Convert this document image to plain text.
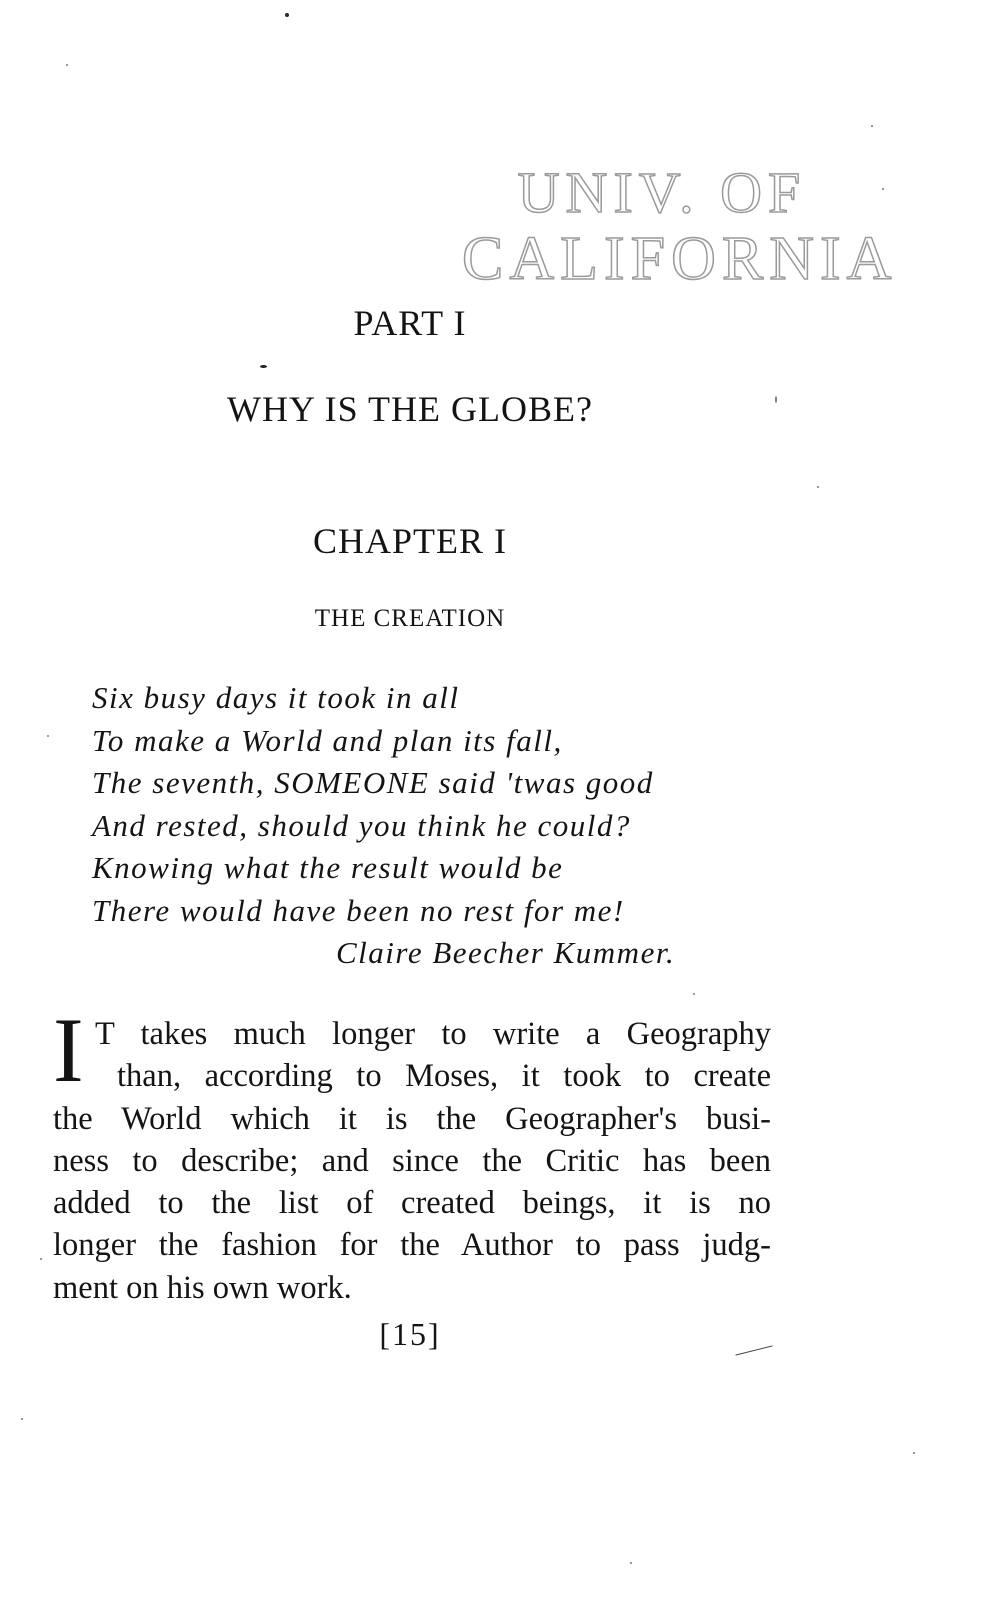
UNIV. OF
CALIFORNIA
PART I
WHY IS THE GLOBE?
CHAPTER I
THE CREATION
Six busy days it took in all
To make a World and plan its fall,
The seventh, SOMEONE said 'twas good
And rested, should you think he could?
Knowing what the result would be
There would have been no rest for me!
Claire Beecher Kummer.
I T takes much longer to write a Geography
than, according to Moses, it took to create
the World which it is the Geographer's busi-
ness to describe; and since the Critic has been
added to the list of created beings, it is no
longer the fashion for the Author to pass judg-
ment on his own work.
[15]
